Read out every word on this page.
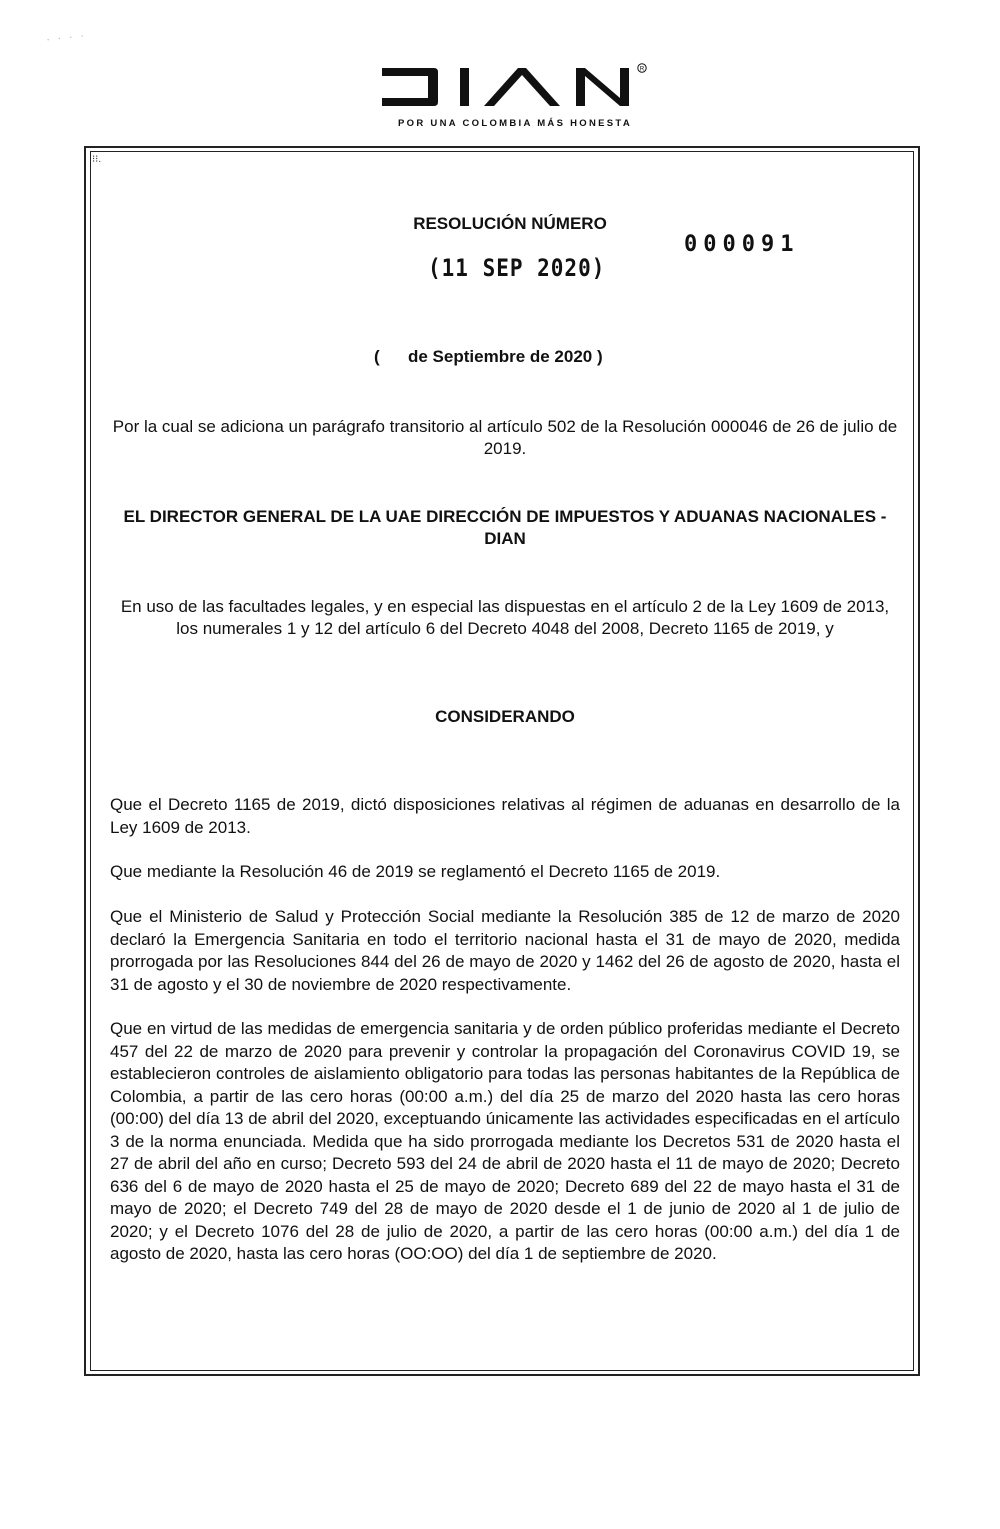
· · · ·
R
POR UNA COLOMBIA MÁS HONESTA
⁝⁝.
RESOLUCIÓN NÚMERO
(11 SEP 2020)
000091
(      de Septiembre de 2020 )
Por la cual se adiciona un parágrafo transitorio al artículo 502 de la Resolución 000046 de 26 de julio de 2019.
EL DIRECTOR GENERAL DE LA UAE DIRECCIÓN DE IMPUESTOS Y ADUANAS NACIONALES - DIAN
En uso de las facultades legales, y en especial las dispuestas en el artículo 2 de la Ley 1609 de 2013, los numerales 1 y 12 del artículo 6 del Decreto 4048 del 2008, Decreto 1165 de 2019, y
CONSIDERANDO
Que el Decreto 1165 de 2019, dictó disposiciones relativas al régimen de aduanas en desarrollo de la Ley 1609 de 2013.
Que mediante la Resolución 46 de 2019 se reglamentó el Decreto 1165 de 2019.
Que el Ministerio de Salud y Protección Social mediante la Resolución 385 de 12 de marzo de 2020 declaró la Emergencia Sanitaria en todo el territorio nacional hasta el 31 de mayo de 2020, medida prorrogada por las Resoluciones 844 del 26 de mayo de 2020 y 1462 del 26 de agosto de 2020, hasta el 31 de agosto y el 30 de noviembre de 2020 respectivamente.
Que en virtud de las medidas de emergencia sanitaria y de orden público proferidas mediante el Decreto 457 del 22 de marzo de 2020 para prevenir y controlar la propagación del Coronavirus COVID 19, se establecieron controles de aislamiento obligatorio para todas las personas habitantes de la República de Colombia, a partir de las cero horas (00:00 a.m.) del día 25 de marzo del 2020 hasta las cero horas (00:00) del día 13 de abril del 2020, exceptuando únicamente las actividades especificadas en el artículo 3 de la norma enunciada. Medida que ha sido prorrogada mediante los Decretos 531 de 2020 hasta el 27 de abril del año en curso; Decreto 593 del 24 de abril de 2020 hasta el 11 de mayo de 2020; Decreto 636 del 6 de mayo de 2020 hasta el 25 de mayo de 2020; Decreto 689 del 22 de mayo hasta el 31 de mayo de 2020; el Decreto 749 del 28 de mayo de 2020 desde el 1 de junio de 2020 al 1 de julio de 2020; y el Decreto 1076 del 28 de julio de 2020, a partir de las cero horas (00:00 a.m.) del día 1 de agosto de 2020, hasta las cero horas (OO:OO) del día 1 de septiembre de 2020.
